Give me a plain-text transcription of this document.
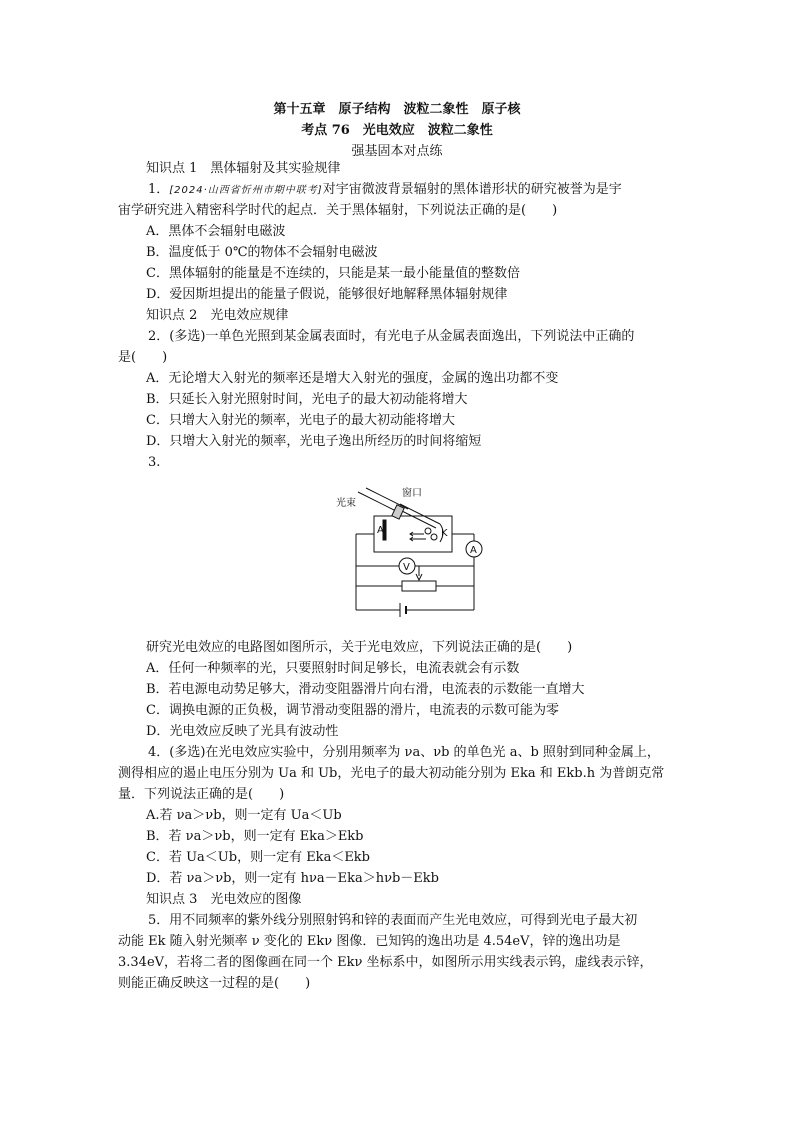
第十五章　原子结构　波粒二象性　原子核
考点 76　光电效应　波粒二象性
强基固本对点练
知识点 1　黑体辐射及其实验规律
1．[2024·山西省忻州市期中联考]对宇宙微波背景辐射的黑体谱形状的研究被誉为是宇
宙学研究进入精密科学时代的起点．关于黑体辐射，下列说法正确的是(　　)
A．黑体不会辐射电磁波
B．温度低于 0℃的物体不会辐射电磁波
C．黑体辐射的能量是不连续的，只能是某一最小能量值的整数倍
D．爱因斯坦提出的能量子假说，能够很好地解释黑体辐射规律
知识点 2　光电效应规律
2．(多选)一单色光照到某金属表面时，有光电子从金属表面逸出，下列说法中正确的
是(　　)
A．无论增大入射光的频率还是增大入射光的强度，金属的逸出功都不变
B．只延长入射光照射时间，光电子的最大初动能将增大
C．只增大入射光的频率，光电子的最大初动能将增大
D．只增大入射光的频率，光电子逸出所经历的时间将缩短
3.
光束
窗口
A	K
A
V
研究光电效应的电路图如图所示，关于光电效应，下列说法正确的是(　　)
A．任何一种频率的光，只要照射时间足够长，电流表就会有示数
B．若电源电动势足够大，滑动变阻器滑片向右滑，电流表的示数能一直增大
C．调换电源的正负极，调节滑动变阻器的滑片，电流表的示数可能为零
D．光电效应反映了光具有波动性
4．(多选)在光电效应实验中，分别用频率为 νa、νb 的单色光 a、b 照射到同种金属上，
测得相应的遏止电压分别为 Ua 和 Ub，光电子的最大初动能分别为 Eka 和 Ekb.h 为普朗克常
量．下列说法正确的是(　　)
A.若 νa＞νb，则一定有 Ua＜Ub
B．若 νa＞νb，则一定有 Eka＞Ekb
C．若 Ua＜Ub，则一定有 Eka＜Ekb
D．若 νa＞νb，则一定有 hνa－Eka＞hνb－Ekb
知识点 3　光电效应的图像
5．用不同频率的紫外线分别照射钨和锌的表面而产生光电效应，可得到光电子最大初
动能 Ek 随入射光频率 ν 变化的 Ekν 图像．已知钨的逸出功是 4.54eV，锌的逸出功是
3.34eV，若将二者的图像画在同一个 Ekν 坐标系中，如图所示用实线表示钨，虚线表示锌，
则能正确反映这一过程的是(　　)
